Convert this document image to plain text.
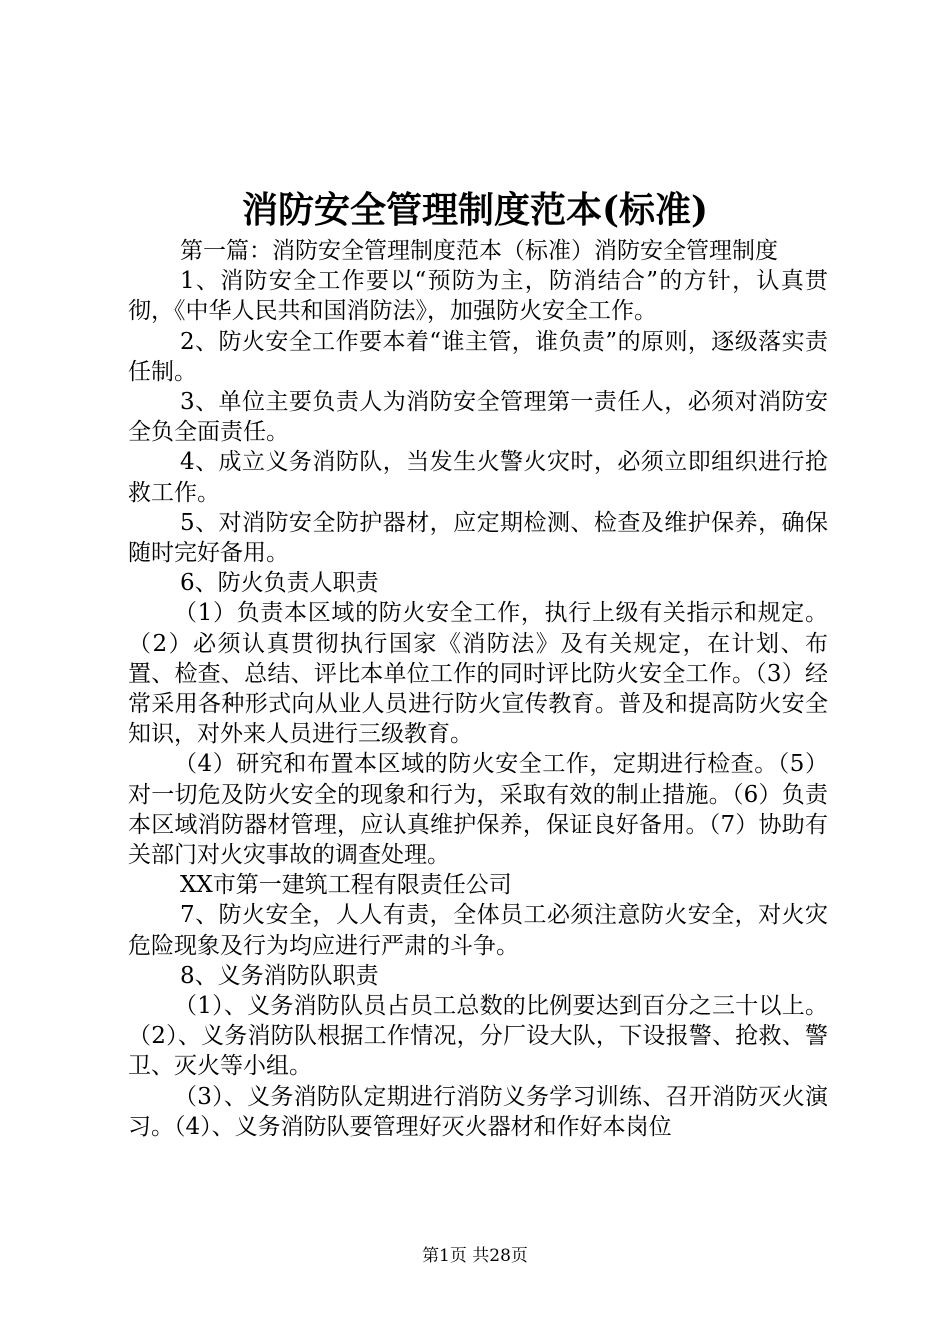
消防安全管理制度范本(标准)

第一篇：消防安全管理制度范本（标准）消防安全管理制度

1、消防安全工作要以“预防为主，防消结合”的方针，认真贯彻，《中华人民共和国消防法》，加强防火安全工作。

2、防火安全工作要本着“谁主管，谁负责”的原则，逐级落实责任制。

3、单位主要负责人为消防安全管理第一责任人，必须对消防安全负全面责任。

4、成立义务消防队，当发生火警火灾时，必须立即组织进行抢救工作。

5、对消防安全防护器材，应定期检测、检查及维护保养，确保随时完好备用。

6、防火负责人职责

（1）负责本区域的防火安全工作，执行上级有关指示和规定。（2）必须认真贯彻执行国家《消防法》及有关规定，在计划、布置、检查、总结、评比本单位工作的同时评比防火安全工作。（3）经常采用各种形式向从业人员进行防火宣传教育。普及和提高防火安全知识，对外来人员进行三级教育。

（4）研究和布置本区域的防火安全工作，定期进行检查。（5）对一切危及防火安全的现象和行为，采取有效的制止措施。（6）负责本区域消防器材管理，应认真维护保养，保证良好备用。（7）协助有关部门对火灾事故的调查处理。

XX市第一建筑工程有限责任公司

7、防火安全，人人有责，全体员工必须注意防火安全，对火灾危险现象及行为均应进行严肃的斗争。

8、义务消防队职责

（1）、义务消防队员占员工总数的比例要达到百分之三十以上。（2）、义务消防队根据工作情况，分厂设大队，下设报警、抢救、警卫、灭火等小组。

（3）、义务消防队定期进行消防义务学习训练、召开消防灭火演习。（4）、义务消防队要管理好灭火器材和作好本岗位

第1页 共28页
